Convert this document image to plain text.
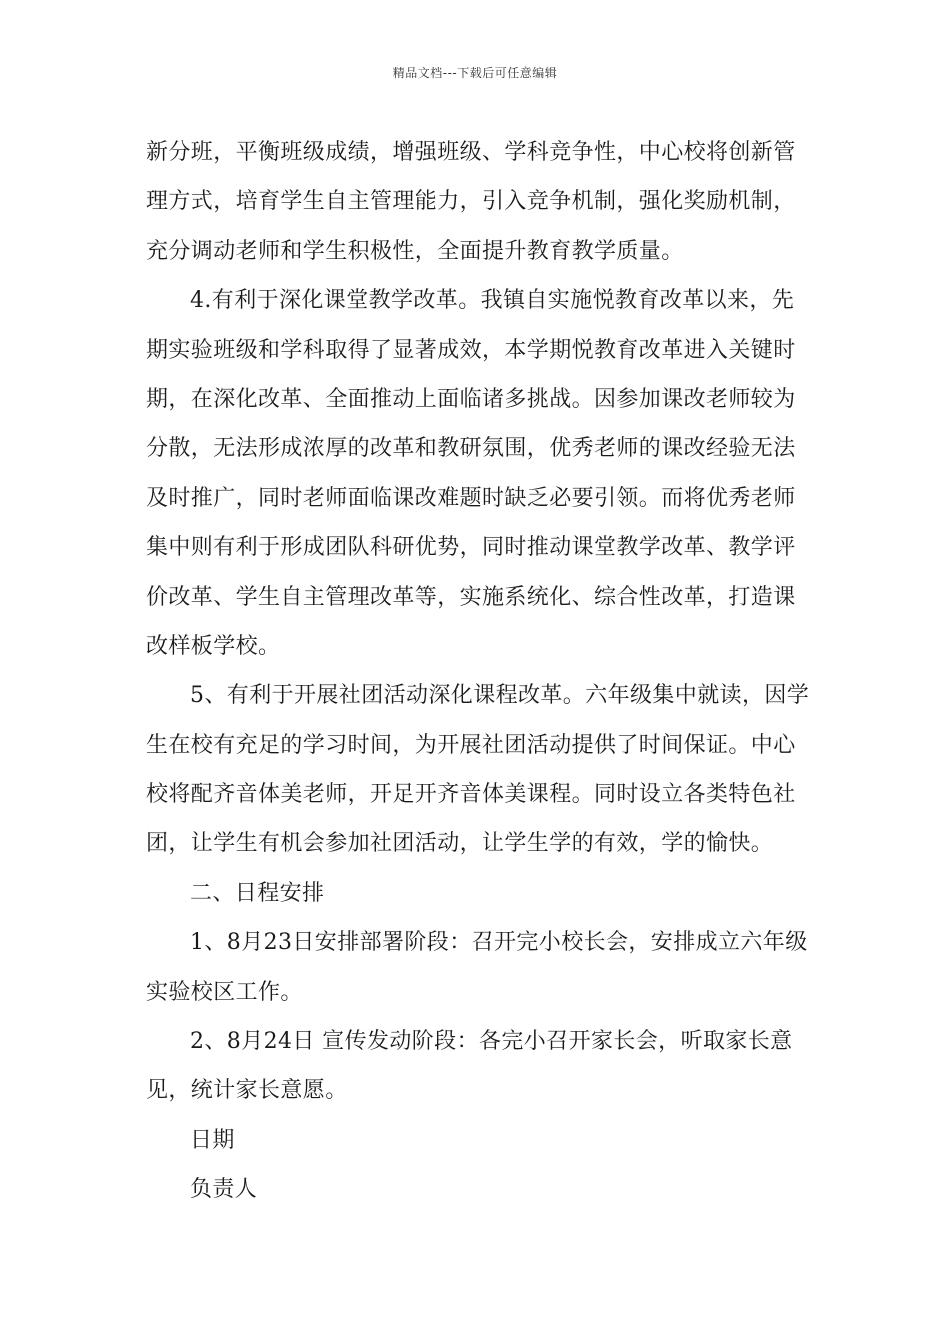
精品文档---下载后可任意编辑
新分班，平衡班级成绩，增强班级、学科竞争性，中心校将创新管
理方式，培育学生自主管理能力，引入竞争机制，强化奖励机制，
充分调动老师和学生积极性，全面提升教育教学质量。
4.有利于深化课堂教学改革。我镇自实施悦教育改革以来，先
期实验班级和学科取得了显著成效，本学期悦教育改革进入关键时
期，在深化改革、全面推动上面临诸多挑战。因参加课改老师较为
分散，无法形成浓厚的改革和教研氛围，优秀老师的课改经验无法
及时推广，同时老师面临课改难题时缺乏必要引领。而将优秀老师
集中则有利于形成团队科研优势，同时推动课堂教学改革、教学评
价改革、学生自主管理改革等，实施系统化、综合性改革，打造课
改样板学校。
5、有利于开展社团活动深化课程改革。六年级集中就读，因学
生在校有充足的学习时间，为开展社团活动提供了时间保证。中心
校将配齐音体美老师，开足开齐音体美课程。同时设立各类特色社
团，让学生有机会参加社团活动，让学生学的有效，学的愉快。
二、日程安排
1、8月23日安排部署阶段：召开完小校长会，安排成立六年级
实验校区工作。
2、8月24日 宣传发动阶段：各完小召开家长会，听取家长意
见，统计家长意愿。
日期
负责人
